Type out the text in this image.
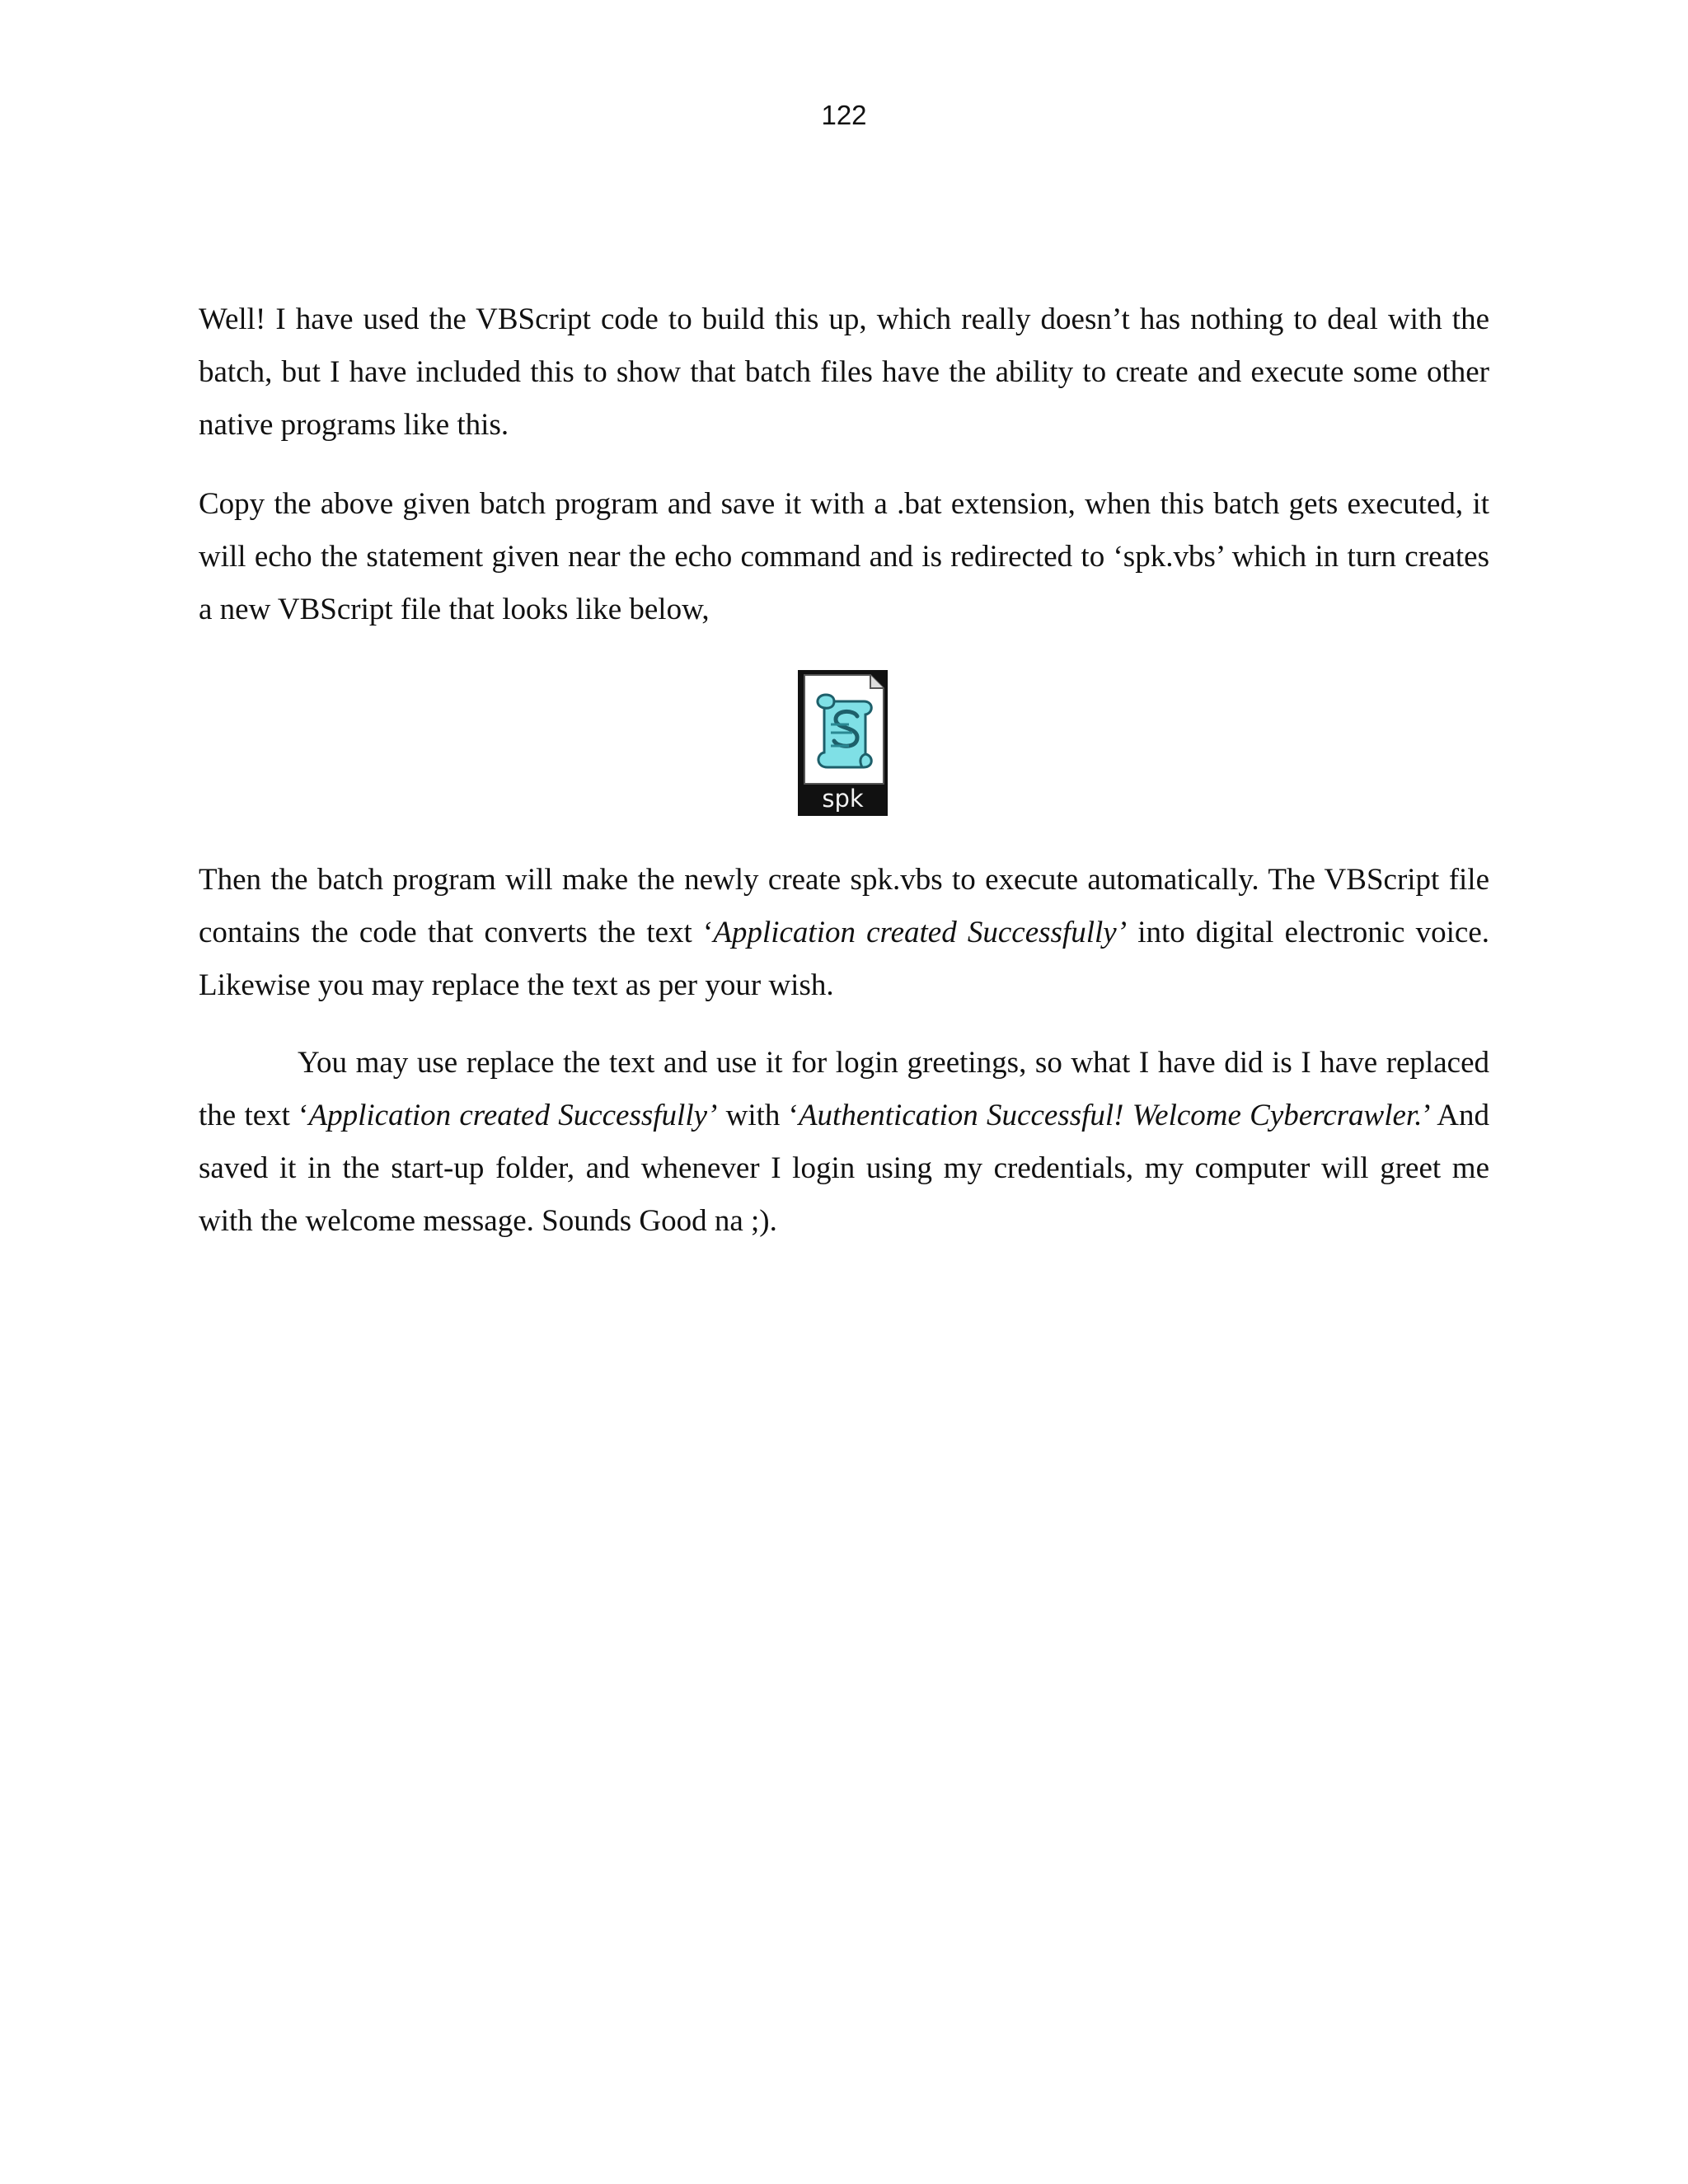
122

Well! I have used the VBScript code to build this up, which really doesn’t has nothing to deal with the batch, but I have included this to show that batch files have the ability to create and execute some other native programs like this.

Copy the above given batch program and save it with a .bat extension, when this batch gets executed, it will echo the statement given near the echo command and is redirected to ‘spk.vbs’ which in turn creates a new VBScript file that looks like below,

spk

Then the batch program will make the newly create spk.vbs to execute automatically. The VBScript file contains the code that converts the text ‘Application created Successfully’ into digital electronic voice. Likewise you may replace the text as per your wish.

You may use replace the text and use it for login greetings, so what I have did is I have replaced the text ‘Application created Successfully’ with ‘Authentication Successful! Welcome Cybercrawler.’ And saved it in the start-up folder, and whenever I login using my credentials, my computer will greet me with the welcome message. Sounds Good na ;).
